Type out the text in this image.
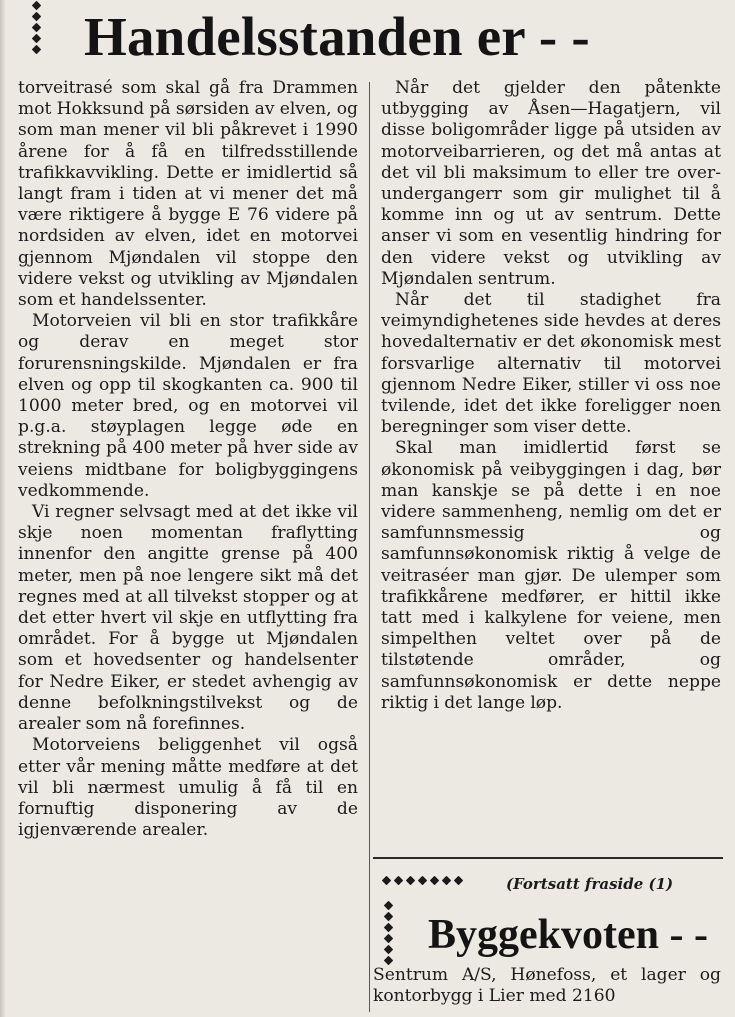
Handelsstanden er - -

torveitrasé som skal gå fra Drammen mot Hokksund på sørsiden av elven, og som man mener vil bli påkrevet i 1990 årene for å få en tilfredsstillende trafikkavvikling. Dette er imidlertid så langt fram i tiden at vi mener det må være riktigere å bygge E 76 videre på nordsiden av elven, idet en motorvei gjennom Mjøndalen vil stoppe den videre vekst og utvikling av Mjøndalen som et handelssenter.

Motorveien vil bli en stor trafikkåre og derav en meget stor forurensningskilde. Mjøndalen er fra elven og opp til skogkanten ca. 900 til 1000 meter bred, og en motorvei vil p.g.a. støyplagen legge øde en strekning på 400 meter på hver side av veiens midtbane for boligbyggingens vedkommende.

Vi regner selvsagt med at det ikke vil skje noen momentan fraflytting innenfor den angitte grense på 400 meter, men på noe lengere sikt må det regnes med at all tilvekst stopper og at det etter hvert vil skje en utflytting fra området. For å bygge ut Mjøndalen som et hovedsenter og handelsenter for Nedre Eiker, er stedet avhengig av denne befolkningstilvekst og de arealer som nå forefinnes.

Motorveiens beliggenhet vil også etter vår mening måtte medføre at det vil bli nærmest umulig å få til en fornuftig disponering av de igjenværende arealer.

Når det gjelder den påtenkte utbygging av Åsen—Hagatjern, vil disse boligområder ligge på utsiden av motorveibarrieren, og det må antas at det vil bli maksimum to eller tre over- undergangerr som gir mulighet til å komme inn og ut av sentrum. Dette anser vi som en vesentlig hindring for den videre vekst og utvikling av Mjøndalen sentrum.

Når det til stadighet fra veimyndighetenes side hevdes at deres hovedalternativ er det økonomisk mest forsvarlige alternativ til motorvei gjennom Nedre Eiker, stiller vi oss noe tvilende, idet det ikke foreligger noen beregninger som viser dette.

Skal man imidlertid først se økonomisk på veibyggingen i dag, bør man kanskje se på dette i en noe videre sammenheng, nemlig om det er samfunnsmessig og samfunnsøkonomisk riktig å velge de veitraséer man gjør. De ulemper som trafikkårene medfører, er hittil ikke tatt med i kalkylene for veiene, men simpelthen veltet over på de tilstøtende områder, og samfunnsøkonomisk er dette neppe riktig i det lange løp.

(Fortsatt fraside (1)
Byggekvoten - -

Sentrum A/S, Hønefoss, et lager og kontorbygg i Lier med 2160
